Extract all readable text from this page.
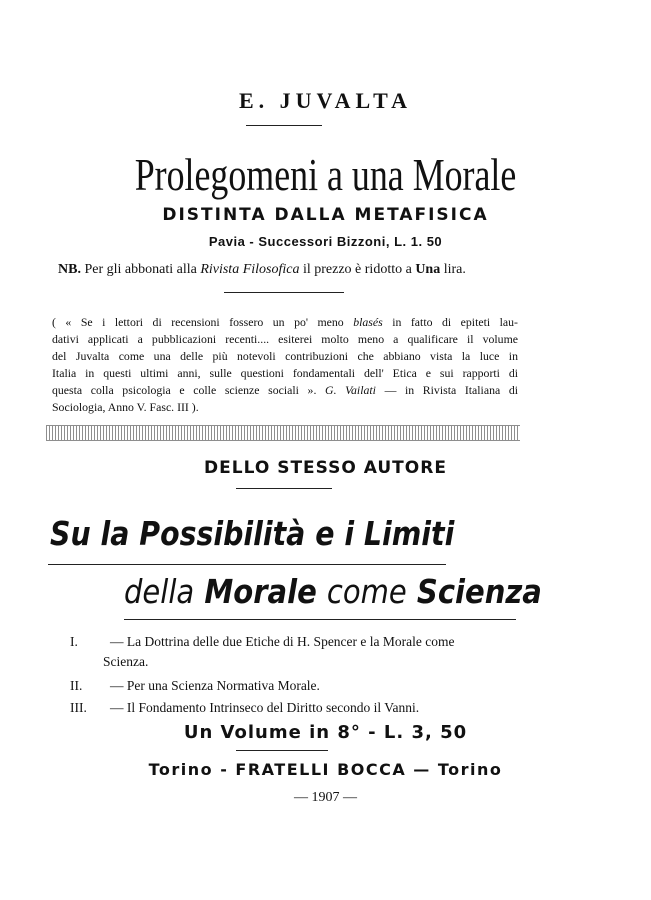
E. JUVALTA
Prolegomeni a una Morale
DISTINTA DALLA METAFISICA
Pavia - Successori Bizzoni, L. 1. 50
NB. Per gli abbonati alla Rivista Filosofica il prezzo è ridotto a Una lira.
( « Se i lettori di recensioni fossero un po' meno blasés in fatto di epiteti lau-
dativi applicati a pubblicazioni recenti.... esiterei molto meno a qualificare il volume
del Juvalta come una delle più notevoli contribuzioni che abbiano vista la luce in
Italia in questi ultimi anni, sulle questioni fondamentali dell' Etica e sui rapporti di
questa colla psicologia e colle scienze sociali ». G. Vailati — in Rivista Italiana di
Sociologia, Anno V. Fasc. III ).
DELLO STESSO AUTORE
Su la Possibilità e i Limiti
della Morale come Scienza
I. — La Dottrina delle due Etiche di H. Spencer e la Morale come
Scienza.
II. — Per una Scienza Normativa Morale.
III. — Il Fondamento Intrinseco del Diritto secondo il Vanni.
Un Volume in 8° - L. 3, 50
Torino - FRATELLI BOCCA — Torino
— 1907 —
